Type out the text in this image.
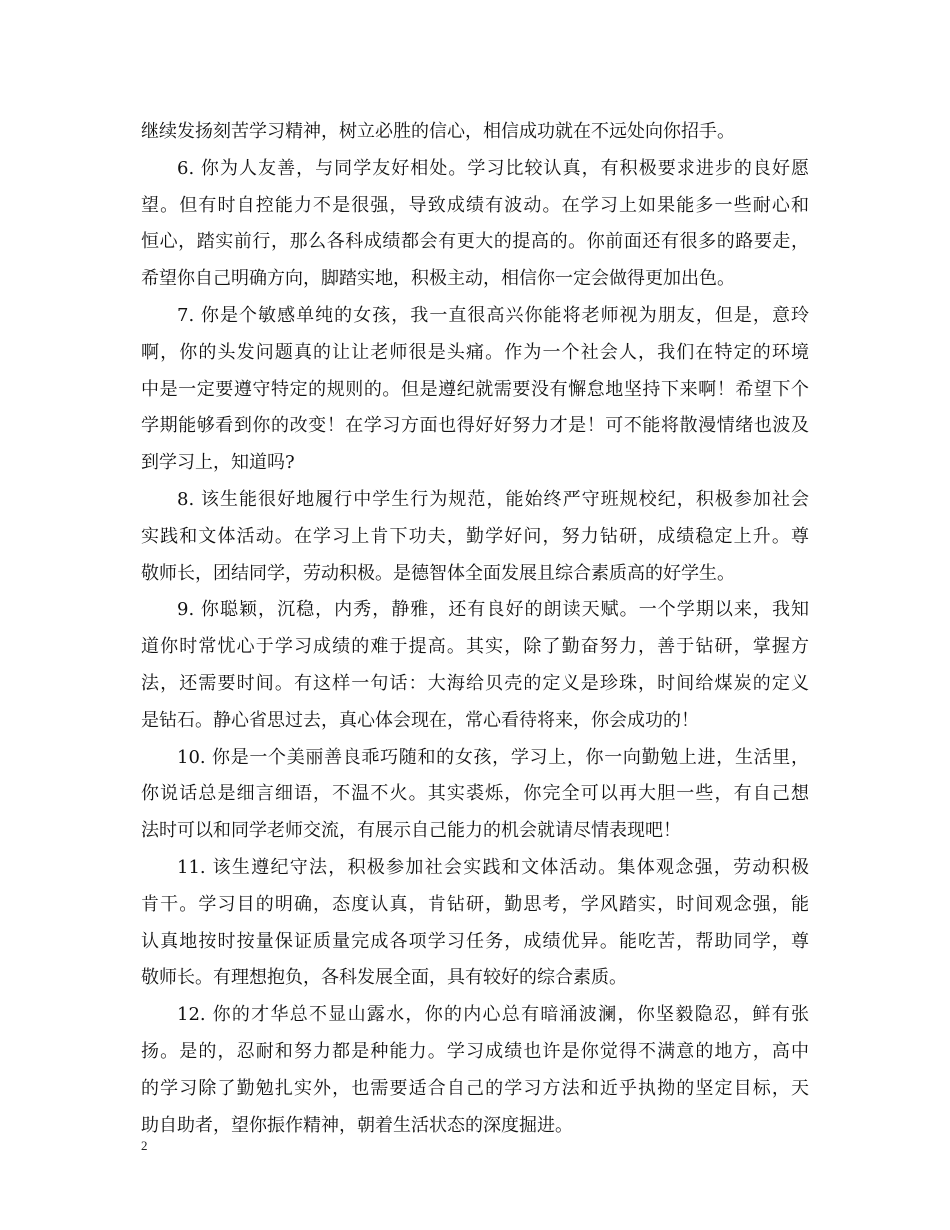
继续发扬刻苦学习精神，树立必胜的信心，相信成功就在不远处向你招手。
6. 你为人友善，与同学友好相处。学习比较认真，有积极要求进步的良好愿
望。但有时自控能力不是很强，导致成绩有波动。在学习上如果能多一些耐心和
恒心，踏实前行，那么各科成绩都会有更大的提高的。你前面还有很多的路要走，
希望你自己明确方向，脚踏实地，积极主动，相信你一定会做得更加出色。
7. 你是个敏感单纯的女孩，我一直很高兴你能将老师视为朋友，但是，意玲
啊，你的头发问题真的让让老师很是头痛。作为一个社会人，我们在特定的环境
中是一定要遵守特定的规则的。但是遵纪就需要没有懈怠地坚持下来啊！希望下个
学期能够看到你的改变！在学习方面也得好好努力才是！可不能将散漫情绪也波及
到学习上，知道吗?
8. 该生能很好地履行中学生行为规范，能始终严守班规校纪，积极参加社会
实践和文体活动。在学习上肯下功夫，勤学好问，努力钻研，成绩稳定上升。尊
敬师长，团结同学，劳动积极。是德智体全面发展且综合素质高的好学生。
9. 你聪颖，沉稳，内秀，静雅，还有良好的朗读天赋。一个学期以来，我知
道你时常忧心于学习成绩的难于提高。其实，除了勤奋努力，善于钻研，掌握方
法，还需要时间。有这样一句话：大海给贝壳的定义是珍珠，时间给煤炭的定义
是钻石。静心省思过去，真心体会现在，常心看待将来，你会成功的！
10. 你是一个美丽善良乖巧随和的女孩，学习上，你一向勤勉上进，生活里，
你说话总是细言细语，不温不火。其实裘烁，你完全可以再大胆一些，有自己想
法时可以和同学老师交流，有展示自己能力的机会就请尽情表现吧！
11. 该生遵纪守法，积极参加社会实践和文体活动。集体观念强，劳动积极
肯干。学习目的明确，态度认真，肯钻研，勤思考，学风踏实，时间观念强，能
认真地按时按量保证质量完成各项学习任务，成绩优异。能吃苦，帮助同学，尊
敬师长。有理想抱负，各科发展全面，具有较好的综合素质。
12. 你的才华总不显山露水，你的内心总有暗涌波澜，你坚毅隐忍，鲜有张
扬。是的，忍耐和努力都是种能力。学习成绩也许是你觉得不满意的地方，高中
的学习除了勤勉扎实外，也需要适合自己的学习方法和近乎执拗的坚定目标，天
助自助者，望你振作精神，朝着生活状态的深度掘进。
2
